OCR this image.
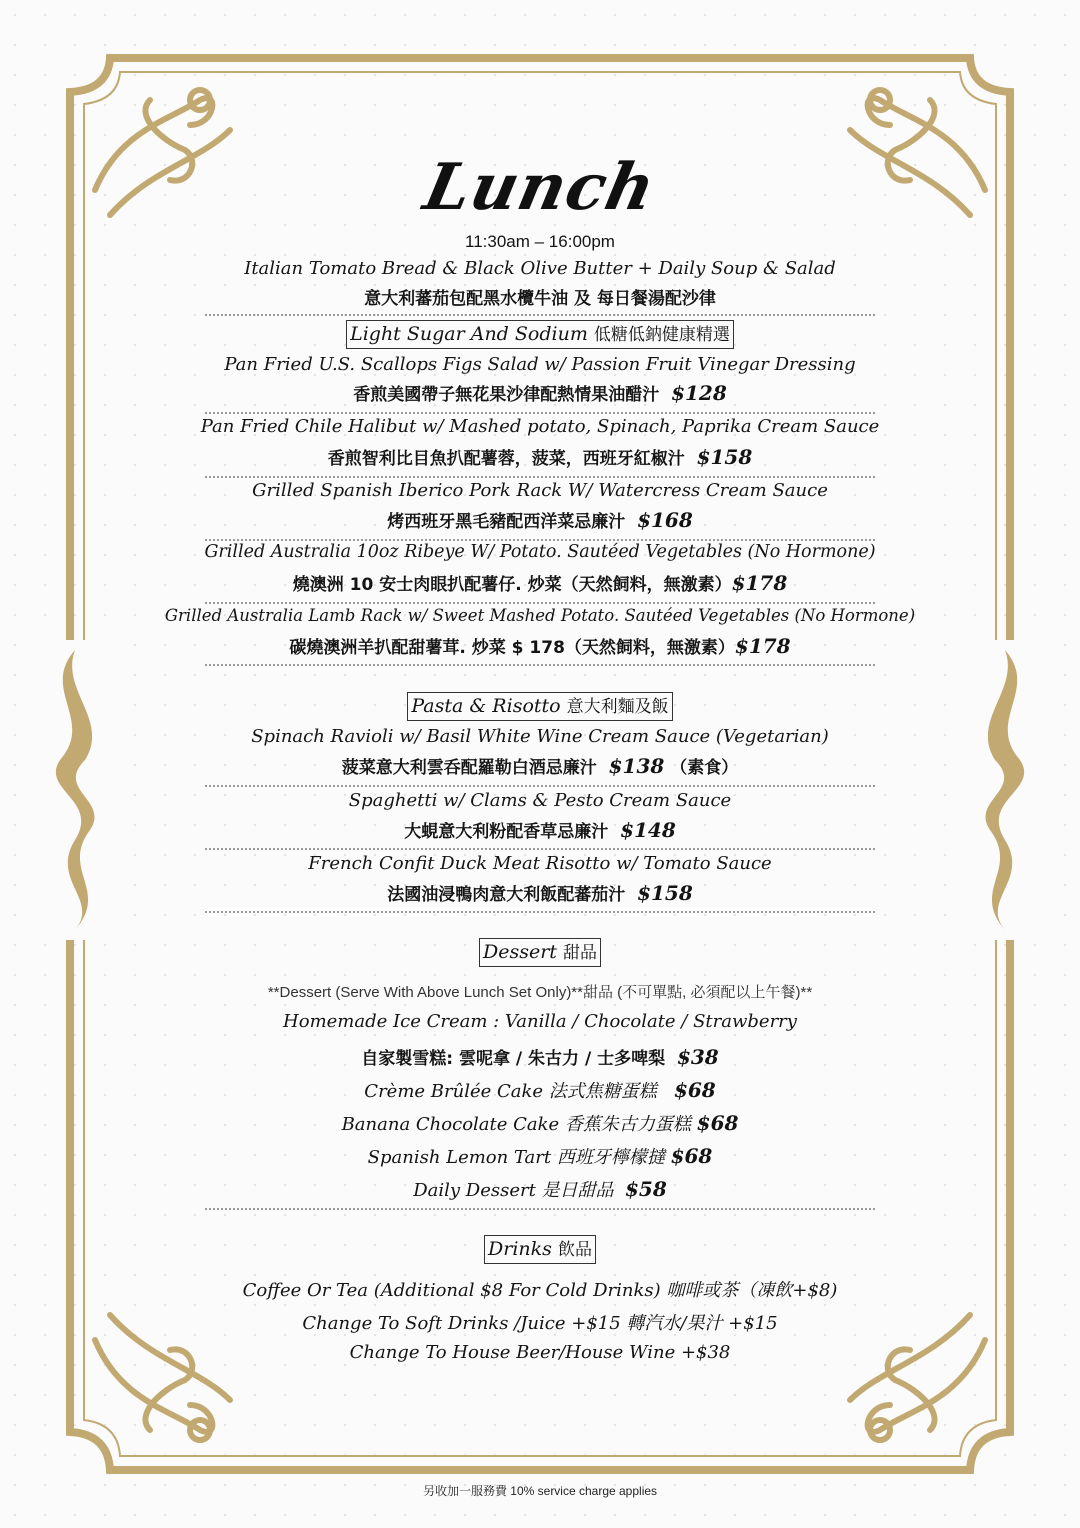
Lunch
11:30am – 16:00pm
Italian Tomato Bread & Black Olive Butter + Daily Soup & Salad
意大利蕃茄包配黑水欖牛油 及 每日餐湯配沙律
Light Sugar And Sodium 低糖低鈉健康精選
Pan Fried U.S. Scallops Figs Salad w/ Passion Fruit Vinegar Dressing
香煎美國帶子無花果沙律配熱情果油醋汁 $128
Pan Fried Chile Halibut w/ Mashed potato, Spinach, Paprika Cream Sauce
香煎智利比目魚扒配薯蓉，菠菜，西班牙紅椒汁 $158
Grilled Spanish Iberico Pork Rack W/ Watercress Cream Sauce
烤西班牙黑毛豬配西洋菜忌廉汁 $168
Grilled Australia 10oz Ribeye W/ Potato. Sautéed Vegetables (No Hormone)
燒澳洲 10 安士肉眼扒配薯仔. 炒菜（天然飼料，無激素）$178
Grilled Australia Lamb Rack w/ Sweet Mashed Potato. Sautéed Vegetables (No Hormone)
碳燒澳洲羊扒配甜薯茸. 炒菜 $ 178（天然飼料，無激素）$178
Pasta & Risotto 意大利麵及飯
Spinach Ravioli w/ Basil White Wine Cream Sauce (Vegetarian)
菠菜意大利雲呑配羅勒白酒忌廉汁 $138 （素食）
Spaghetti w/ Clams & Pesto Cream Sauce
大蜆意大利粉配香草忌廉汁 $148
French Confit Duck Meat Risotto w/ Tomato Sauce
法國油浸鴨肉意大利飯配蕃茄汁 $158
Dessert 甜品
**Dessert (Serve With Above Lunch Set Only)**甜品 (不可單點, 必須配以上午餐)**
Homemade Ice Cream : Vanilla / Chocolate / Strawberry
自家製雪糕: 雲呢拿 / 朱古力 / 士多啤梨 $38
Crème Brûlée Cake 法式焦糖蛋糕 $68
Banana Chocolate Cake 香蕉朱古力蛋糕 $68
Spanish Lemon Tart 西班牙檸檬撻 $68
Daily Dessert 是日甜品 $58
Drinks 飲品
Coffee Or Tea (Additional $8 For Cold Drinks) 咖啡或茶（凍飲+$8)
Change To Soft Drinks /Juice +$15 轉汽水/果汁 +$15
Change To House Beer/House Wine +$38
另收加一服務費 10% service charge applies
